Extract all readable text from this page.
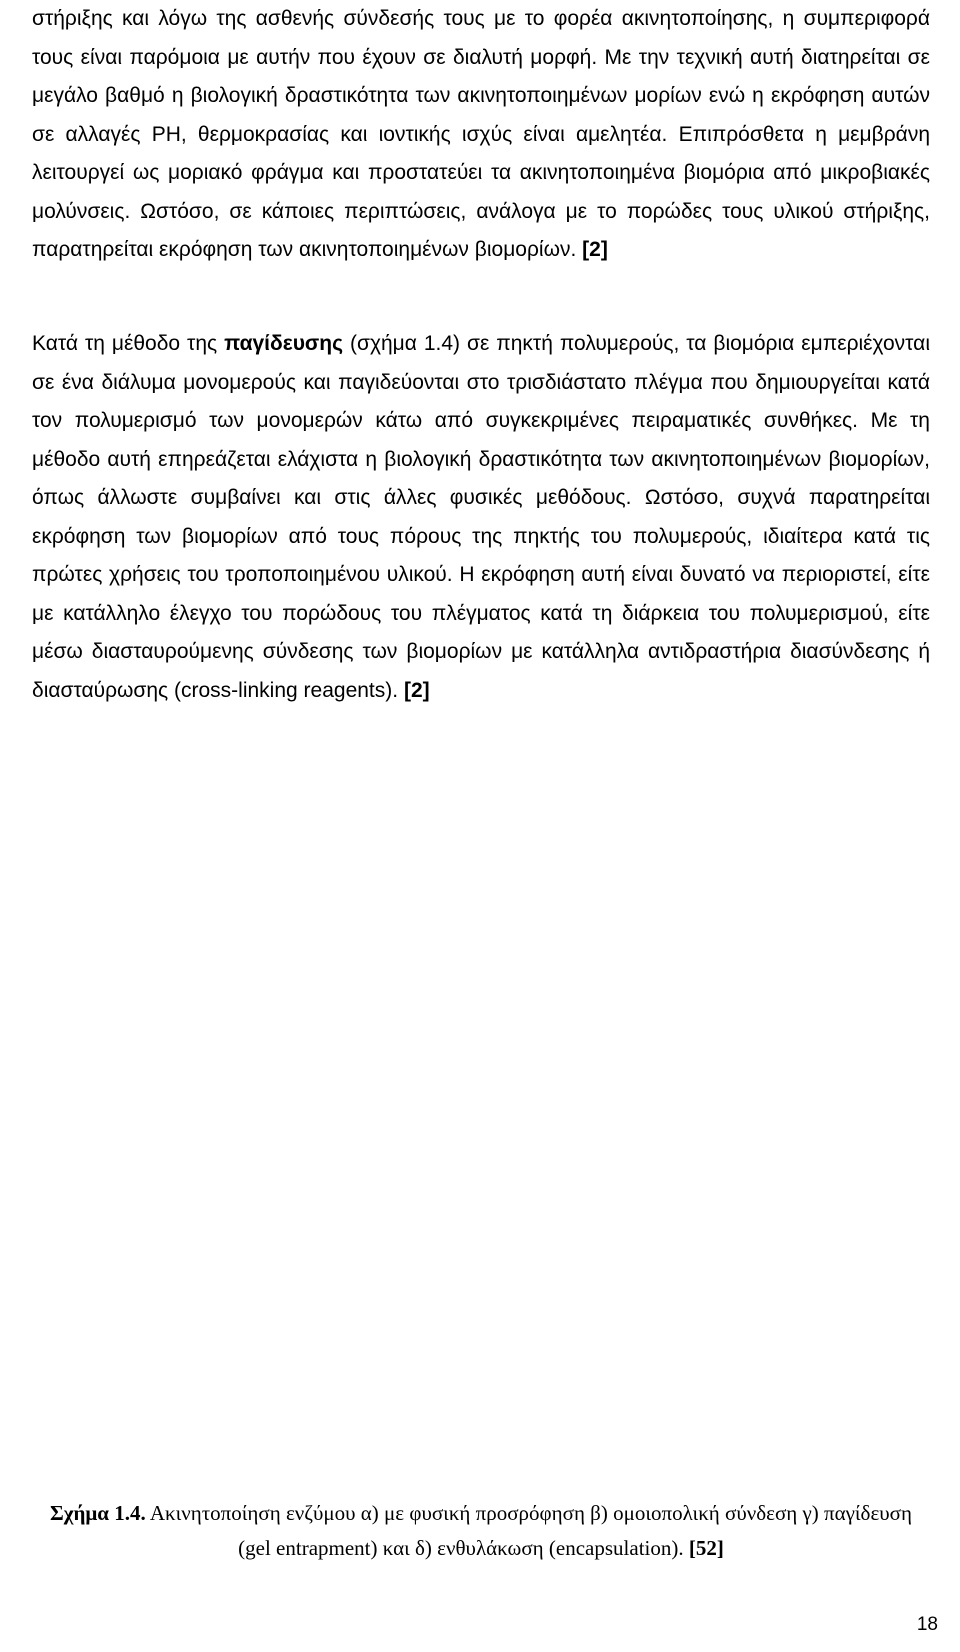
στήριξης και λόγω της ασθενής σύνδεσής τους με το φορέα ακινητοποίησης, η συμπεριφορά τους είναι παρόμοια με αυτήν που έχουν σε διαλυτή μορφή. Με την τεχνική αυτή διατηρείται σε μεγάλο βαθμό η βιολογική δραστικότητα των ακινητοποιημένων μορίων ενώ η εκρόφηση αυτών σε αλλαγές PH, θερμοκρασίας και ιοντικής ισχύς είναι αμελητέα. Επιπρόσθετα η μεμβράνη λειτουργεί ως μοριακό φράγμα και προστατεύει τα ακινητοποιημένα βιομόρια από μικροβιακές μολύνσεις. Ωστόσο, σε κάποιες περιπτώσεις, ανάλογα με το πορώδες τους υλικού στήριξης, παρατηρείται εκρόφηση των ακινητοποιημένων βιομορίων. [2]

Κατά τη μέθοδο της παγίδευσης (σχήμα 1.4) σε πηκτή πολυμερούς, τα βιομόρια εμπεριέχονται σε ένα διάλυμα μονομερούς και παγιδεύονται στο τρισδιάστατο πλέγμα που δημιουργείται κατά τον πολυμερισμό των μονομερών κάτω από συγκεκριμένες πειραματικές συνθήκες. Με τη μέθοδο αυτή επηρεάζεται ελάχιστα η βιολογική δραστικότητα των ακινητοποιημένων βιομορίων, όπως άλλωστε συμβαίνει και στις άλλες φυσικές μεθόδους. Ωστόσο, συχνά παρατηρείται εκρόφηση των βιομορίων από τους πόρους της πηκτής του πολυμερούς, ιδιαίτερα κατά τις πρώτες χρήσεις του τροποποιημένου υλικού. Η εκρόφηση αυτή είναι δυνατό να περιοριστεί, είτε με κατάλληλο έλεγχο του πορώδους του πλέγματος κατά τη διάρκεια του πολυμερισμού, είτε μέσω διασταυρούμενης σύνδεσης των βιομορίων με κατάλληλα αντιδραστήρια διασύνδεσης ή διασταύρωσης (cross-linking reagents). [2]

Σχήμα 1.4. Ακινητοποίηση ενζύμου α) με φυσική προσρόφηση β) ομοιοπολική σύνδεση γ) παγίδευση (gel entrapment) και δ) ενθυλάκωση (encapsulation). [52]
18
